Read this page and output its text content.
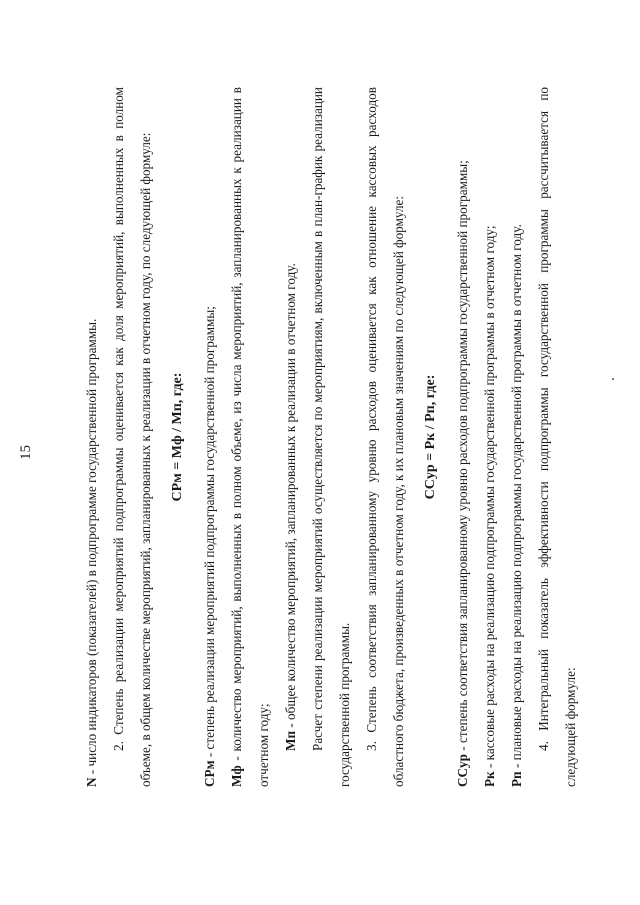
15

N - число индикаторов (показателей) в подпрограмме государственной программы. 2. Степень реализации мероприятий подпрограммы оценивается как доля мероприятий, выполненных в полном объеме, в общем количестве мероприятий, запланированных к реализации в отчетном году, по следующей формуле:	CPм = Mф / Mп, где:

CPм - степень реализации мероприятий подпрограммы государственной программы;

Mф - количество мероприятий, выполненных в полном объеме, из числа мероприятий, запланированных к реализации в отчетном году; Mп - общее количество мероприятий, запланированных к реализации в отчетном году. Расчет степени реализации мероприятий осуществляется по мероприятиям, включенным в план-график реализации государственной программы. 3. Степень соответствия запланированному уровню расходов оценивается как отношение кассовых расходов областного бюджета, произведенных в отчетном году, к их плановым значениям по следующей формуле:	CCур = Pк / Pп, где:

CCур - степень соответствия запланированному уровню расходов подпрограммы государственной программы;

Pк - кассовые расходы на реализацию подпрограммы государственной программы в отчетном году;

Pп - плановые расходы на реализацию подпрограммы государственной программы в отчетном году. 4. Интегральный показатель эффективности подпрограммы государственной программы рассчитывается по следующей формуле:
